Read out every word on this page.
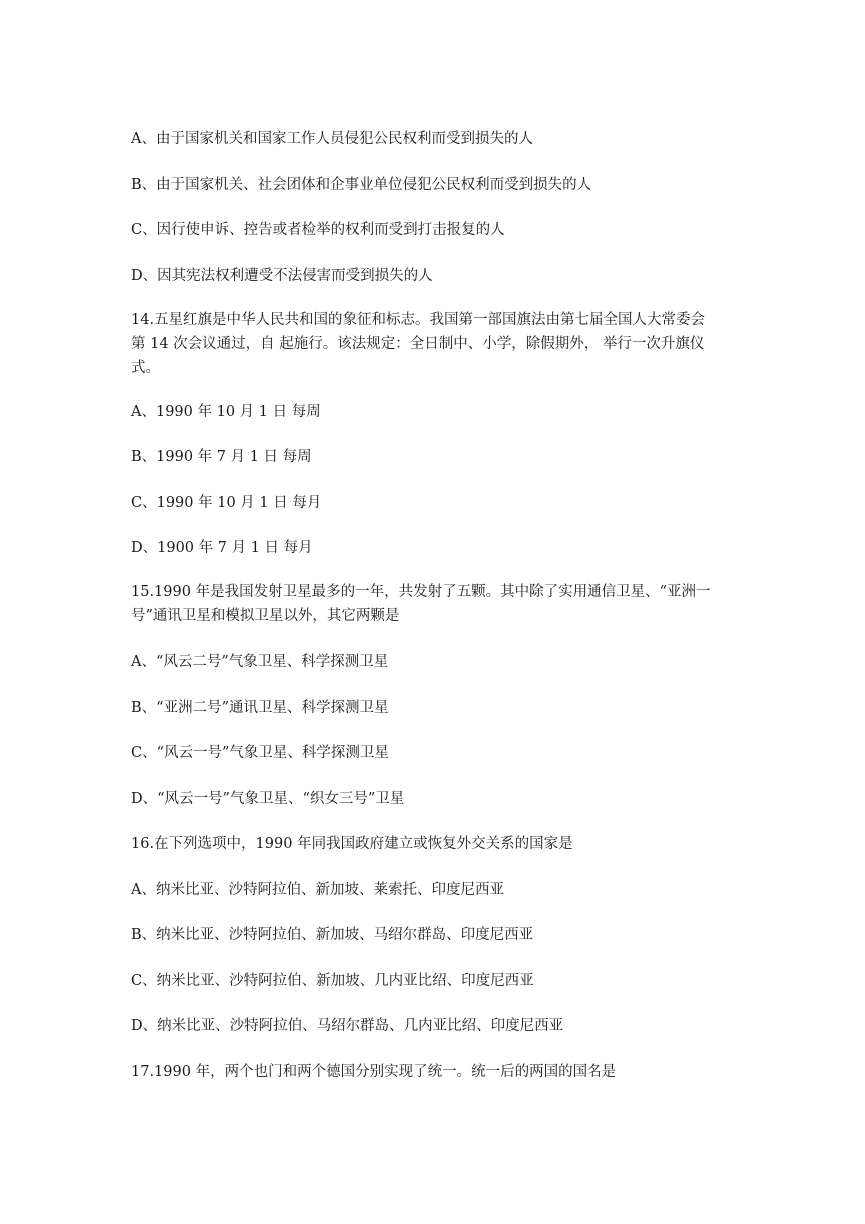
A、由于国家机关和国家工作人员侵犯公民权利而受到损失的人
B、由于国家机关、社会团体和企事业单位侵犯公民权利而受到损失的人
C、因行使申诉、控告或者检举的权利而受到打击报复的人
D、因其宪法权利遭受不法侵害而受到损失的人
14.五星红旗是中华人民共和国的象征和标志。我国第一部国旗法由第七届全国人大常委会
第 14 次会议通过，自 起施行。该法规定：全日制中、小学，除假期外， 举行一次升旗仪
式。
A、1990 年 10 月 1 日 每周
B、1990 年 7 月 1 日 每周
C、1990 年 10 月 1 日 每月
D、1900 年 7 月 1 日 每月
15.1990 年是我国发射卫星最多的一年，共发射了五颗。其中除了实用通信卫星、“亚洲一
号”通讯卫星和模拟卫星以外，其它两颗是
A、“风云二号”气象卫星、科学探测卫星
B、“亚洲二号”通讯卫星、科学探测卫星
C、“风云一号”气象卫星、科学探测卫星
D、“风云一号”气象卫星、“织女三号”卫星
16.在下列选项中，1990 年同我国政府建立或恢复外交关系的国家是
A、纳米比亚、沙特阿拉伯、新加坡、莱索托、印度尼西亚
B、纳米比亚、沙特阿拉伯、新加坡、马绍尔群岛、印度尼西亚
C、纳米比亚、沙特阿拉伯、新加坡、几内亚比绍、印度尼西亚
D、纳米比亚、沙特阿拉伯、马绍尔群岛、几内亚比绍、印度尼西亚
17.1990 年，两个也门和两个德国分别实现了统一。统一后的两国的国名是
